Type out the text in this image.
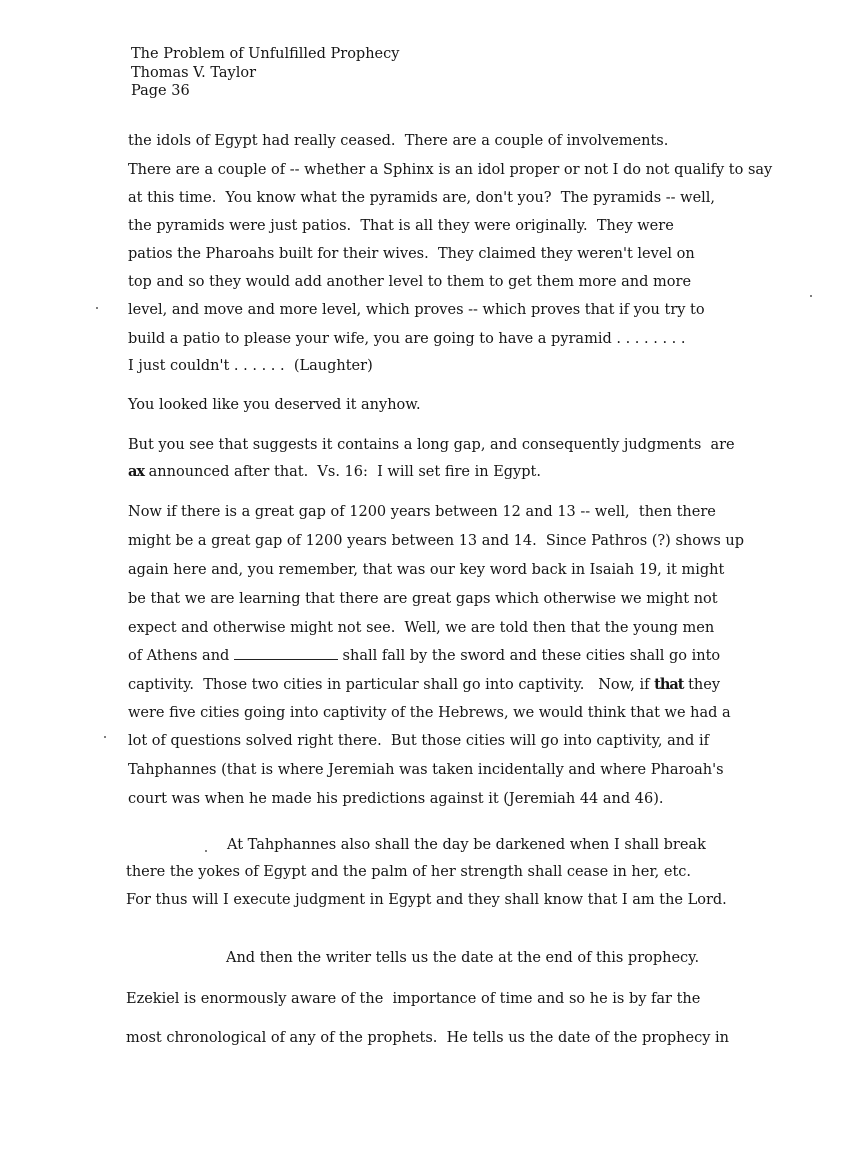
The Problem of Unfulfilled Prophecy
Thomas V. Taylor
Page 36
the idols of Egypt had really ceased.  There are a couple of involvements.
There are a couple of -- whether a Sphinx is an idol proper or not I do not qualify to say
at this time.  You know what the pyramids are, don't you?  The pyramids -- well,
the pyramids were just patios.  That is all they were originally.  They were
patios the Pharoahs built for their wives.  They claimed they weren't level on
top and so they would add another level to them to get them more and more
level, and move and more level, which proves -- which proves that if you try to
build a patio to please your wife, you are going to have a pyramid . . . . . . . .
I just couldn't . . . . . .  (Laughter)
You looked like you deserved it anyhow.
But you see that suggests it contains a long gap, and consequently judgments  are
ax announced after that.  Vs. 16:  I will set fire in Egypt.
Now if there is a great gap of 1200 years between 12 and 13 -- well,  then there
might be a great gap of 1200 years between 13 and 14.  Since Pathros (?) shows up
again here and, you remember, that was our key word back in Isaiah 19, it might
be that we are learning that there are great gaps which otherwise we might not
expect and otherwise might not see.  Well, we are told then that the young men
of Athens and	shall fall by the sword and these cities shall go into
captivity.  Those two cities in particular shall go into captivity.   Now, if that they
were five cities going into captivity of the Hebrews, we would think that we had a
lot of questions solved right there.  But those cities will go into captivity, and if
Tahphannes (that is where Jeremiah was taken incidentally and where Pharoah's
court was when he made his predictions against it (Jeremiah 44 and 46).
At Tahphannes also shall the day be darkened when I shall break
there the yokes of Egypt and the palm of her strength shall cease in her, etc.
For thus will I execute judgment in Egypt and they shall know that I am the Lord.
And then the writer tells us the date at the end of this prophecy.
Ezekiel is enormously aware of the  importance of time and so he is by far the
most chronological of any of the prophets.  He tells us the date of the prophecy in
